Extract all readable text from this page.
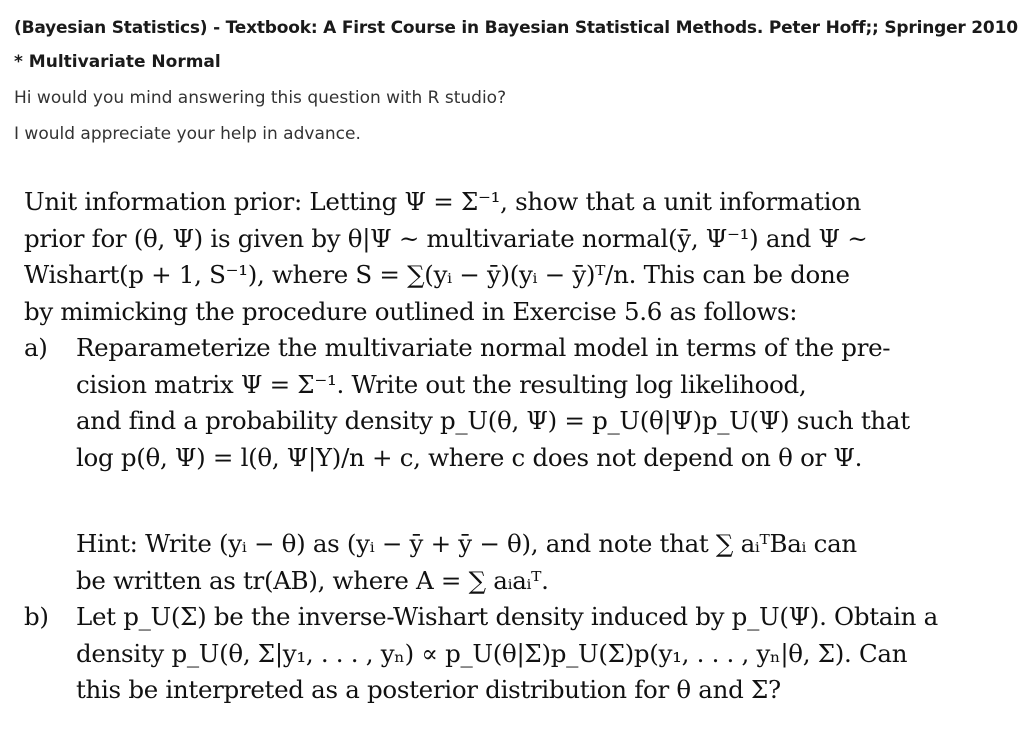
(Bayesian Statistics) - Textbook: A First Course in Bayesian Statistical Methods. Peter Hoff;; Springer 2010
* Multivariate Normal
Hi would you mind answering this question with R studio?
I would appreciate your help in advance.
Unit information prior: Letting Ψ = Σ⁻¹, show that a unit information
prior for (θ, Ψ) is given by θ|Ψ ~ multivariate normal(ȳ, Ψ⁻¹) and Ψ ~
Wishart(p + 1, S⁻¹), where S = ∑(yᵢ − ȳ)(yᵢ − ȳ)ᵀ/n. This can be done
by mimicking the procedure outlined in Exercise 5.6 as follows:
a) Reparameterize the multivariate normal model in terms of the pre-
cision matrix Ψ = Σ⁻¹. Write out the resulting log likelihood,
and find a probability density p_U(θ, Ψ) = p_U(θ|Ψ)p_U(Ψ) such that
log p(θ, Ψ) = l(θ, Ψ|Y)/n + c, where c does not depend on θ or Ψ.
Hint: Write (yᵢ − θ) as (yᵢ − ȳ + ȳ − θ), and note that ∑ aᵢᵀBaᵢ can
be written as tr(AB), where A = ∑ aᵢaᵢᵀ.
b) Let p_U(Σ) be the inverse-Wishart density induced by p_U(Ψ). Obtain a
density p_U(θ, Σ|y₁, . . . , yₙ) ∝ p_U(θ|Σ)p_U(Σ)p(y₁, . . . , yₙ|θ, Σ). Can
this be interpreted as a posterior distribution for θ and Σ?
